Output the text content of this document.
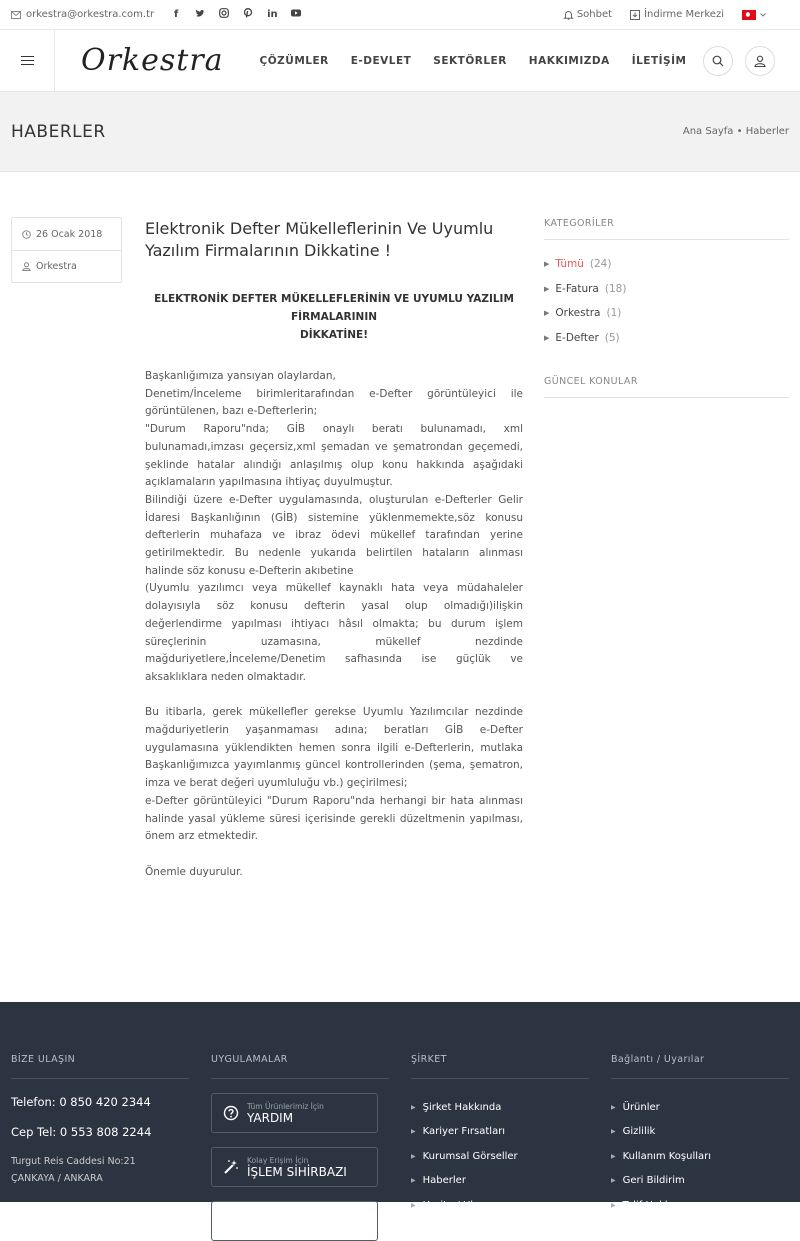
orkestra@orkestra.com.tr f	in	Sohbet	İndirme Merkezi
Orkestra	ÇÖZÜMLER E-DEVLET SEKTÖRLER HAKKIMIZDA İLETİŞİM
HABERLER	Ana Sayfa • Haberler
26 Ocak 2018
Orkestra
Elektronik Defter Mükelleflerinin Ve Uyumlu Yazılım Firmalarının Dikkatine !
ELEKTRONİK DEFTER MÜKELLEFLERİNİN VE UYUMLU YAZILIM FİRMALARININ
DİKKATİNE!

Başkanlığımıza yansıyan olaylardan,

Denetim/İnceleme birimleritarafından e-Defter görüntüleyici ile görüntülenen, bazı e-Defterlerin;

"Durum Raporu"nda; GİB onaylı beratı bulunamadı, xml bulunamadı,imzası geçersiz,xml şemadan ve şematrondan geçemedi, şeklinde hatalar alındığı anlaşılmış olup konu hakkında aşağıdaki açıklamaların yapılmasına ihtiyaç duyulmuştur.

Bilindiği üzere e-Defter uygulamasında, oluşturulan e-Defterler Gelir İdaresi Başkanlığının (GİB) sistemine yüklenmemekte,söz konusu defterlerin muhafaza ve ibraz ödevi mükellef tarafından yerine getirilmektedir. Bu nedenle yukarıda belirtilen hataların alınması halinde söz konusu e-Defterin akıbetine

(Uyumlu yazılımcı veya mükellef kaynaklı hata veya müdahaleler dolayısıyla söz konusu defterin yasal olup olmadığı)ilişkin değerlendirme yapılması ihtiyacı hâsıl olmakta; bu durum işlem süreçlerinin uzamasına, mükellef nezdinde mağduriyetlere,İnceleme/Denetim safhasında ise güçlük ve aksaklıklara neden olmaktadır.

Bu itibarla, gerek mükellefler gerekse Uyumlu Yazılımcılar nezdinde mağduriyetlerin yaşanmaması adına; beratları GİB e-Defter uygulamasına yüklendikten hemen sonra ilgili e-Defterlerin, mutlaka Başkanlığımızca yayımlanmış güncel kontrollerinden (şema, şematron, imza ve berat değeri uyumluluğu vb.) geçirilmesi;

e-Defter görüntüleyici "Durum Raporu"nda herhangi bir hata alınması halinde yasal yükleme süresi içerisinde gerekli düzeltmenin yapılması, önem arz etmektedir.

Önemle duyurulur.

KATEGORİLER
▶ Tümü (24)
▶ E-Fatura (18)
▶ Orkestra (1)
▶ E-Defter (5)
GÜNCEL KONULAR
BİZE ULAŞIN
Telefon: 0 850 420 2344
Cep Tel: 0 553 808 2244
Turgut Reis Caddesi No:21
ÇANKAYA / ANKARA
UYGULAMALAR
Tüm Ürünlerimiz İçin
YARDIM
Kolay Erişim İçin
İŞLEM SİHİRBAZI
ŞİRKET
▶ Şirket Hakkında
▶ Kariyer Fırsatları
▶ Kurumsal Görseller
▶ Haberler
▶ Harita / Ulaşım
Bağlantı / Uyarılar
▶ Ürünler
▶ Gizlilik
▶ Kullanım Koşulları
▶ Geri Bildirim
▶ Telif Hakkı
